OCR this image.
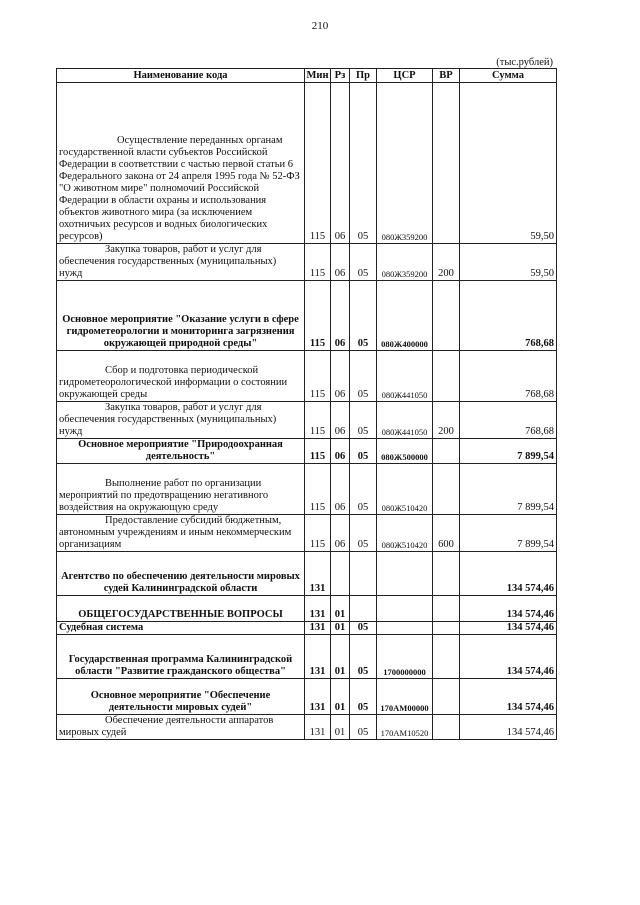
210
(тыс.рублей)
Наименование кода	Мин	Рз	Пр	ЦСР	ВР	Сумма

Осуществление переданных органам государственной власти субъектов Российской Федерации в соответствии с частью первой статьи 6 Федерального закона от 24 апреля 1995 года № 52-ФЗ "О животном мире" полномочий Российской Федерации в области охраны и использования объектов животного мира (за исключением охотничьих ресурсов и водных биологических ресурсов)	115	06	05	080Ж359200		59,50

Закупка товаров, работ и услуг для обеспечения государственных (муниципальных) нужд	115	06	05	080Ж359200	200	59,50

Основное мероприятие "Оказание услуги в сфере гидрометеорологии и мониторинга загрязнения окружающей природной среды"	115	06	05	080Ж400000		768,68

Сбор и подготовка периодической гидрометеорологической информации о состоянии окружающей среды	115	06	05	080Ж441050		768,68

Закупка товаров, работ и услуг для обеспечения государственных (муниципальных) нужд	115	06	05	080Ж441050	200	768,68

Основное мероприятие "Природоохранная деятельность"	115	06	05	080Ж500000		7 899,54

Выполнение работ по организации мероприятий по предотвращению негативного воздействия на окружающую среду	115	06	05	080Ж510420		7 899,54

Предоставление субсидий бюджетным, автономным учреждениям и иным некоммерческим организациям	115	06	05	080Ж510420	600	7 899,54

Агентство по обеспечению деятельности мировых судей Калининградской области	131					134 574,46

ОБЩЕГОСУДАРСТВЕННЫЕ ВОПРОСЫ	131	01				134 574,46

Судебная система	131	01	05			134 574,46

Государственная программа Калининградской области "Развитие гражданского общества"	131	01	05	1700000000		134 574,46

Основное мероприятие "Обеспечение деятельности мировых судей"	131	01	05	170АМ00000		134 574,46

Обеспечение деятельности аппаратов мировых судей	131	01	05	170АМ10520		134 574,46
